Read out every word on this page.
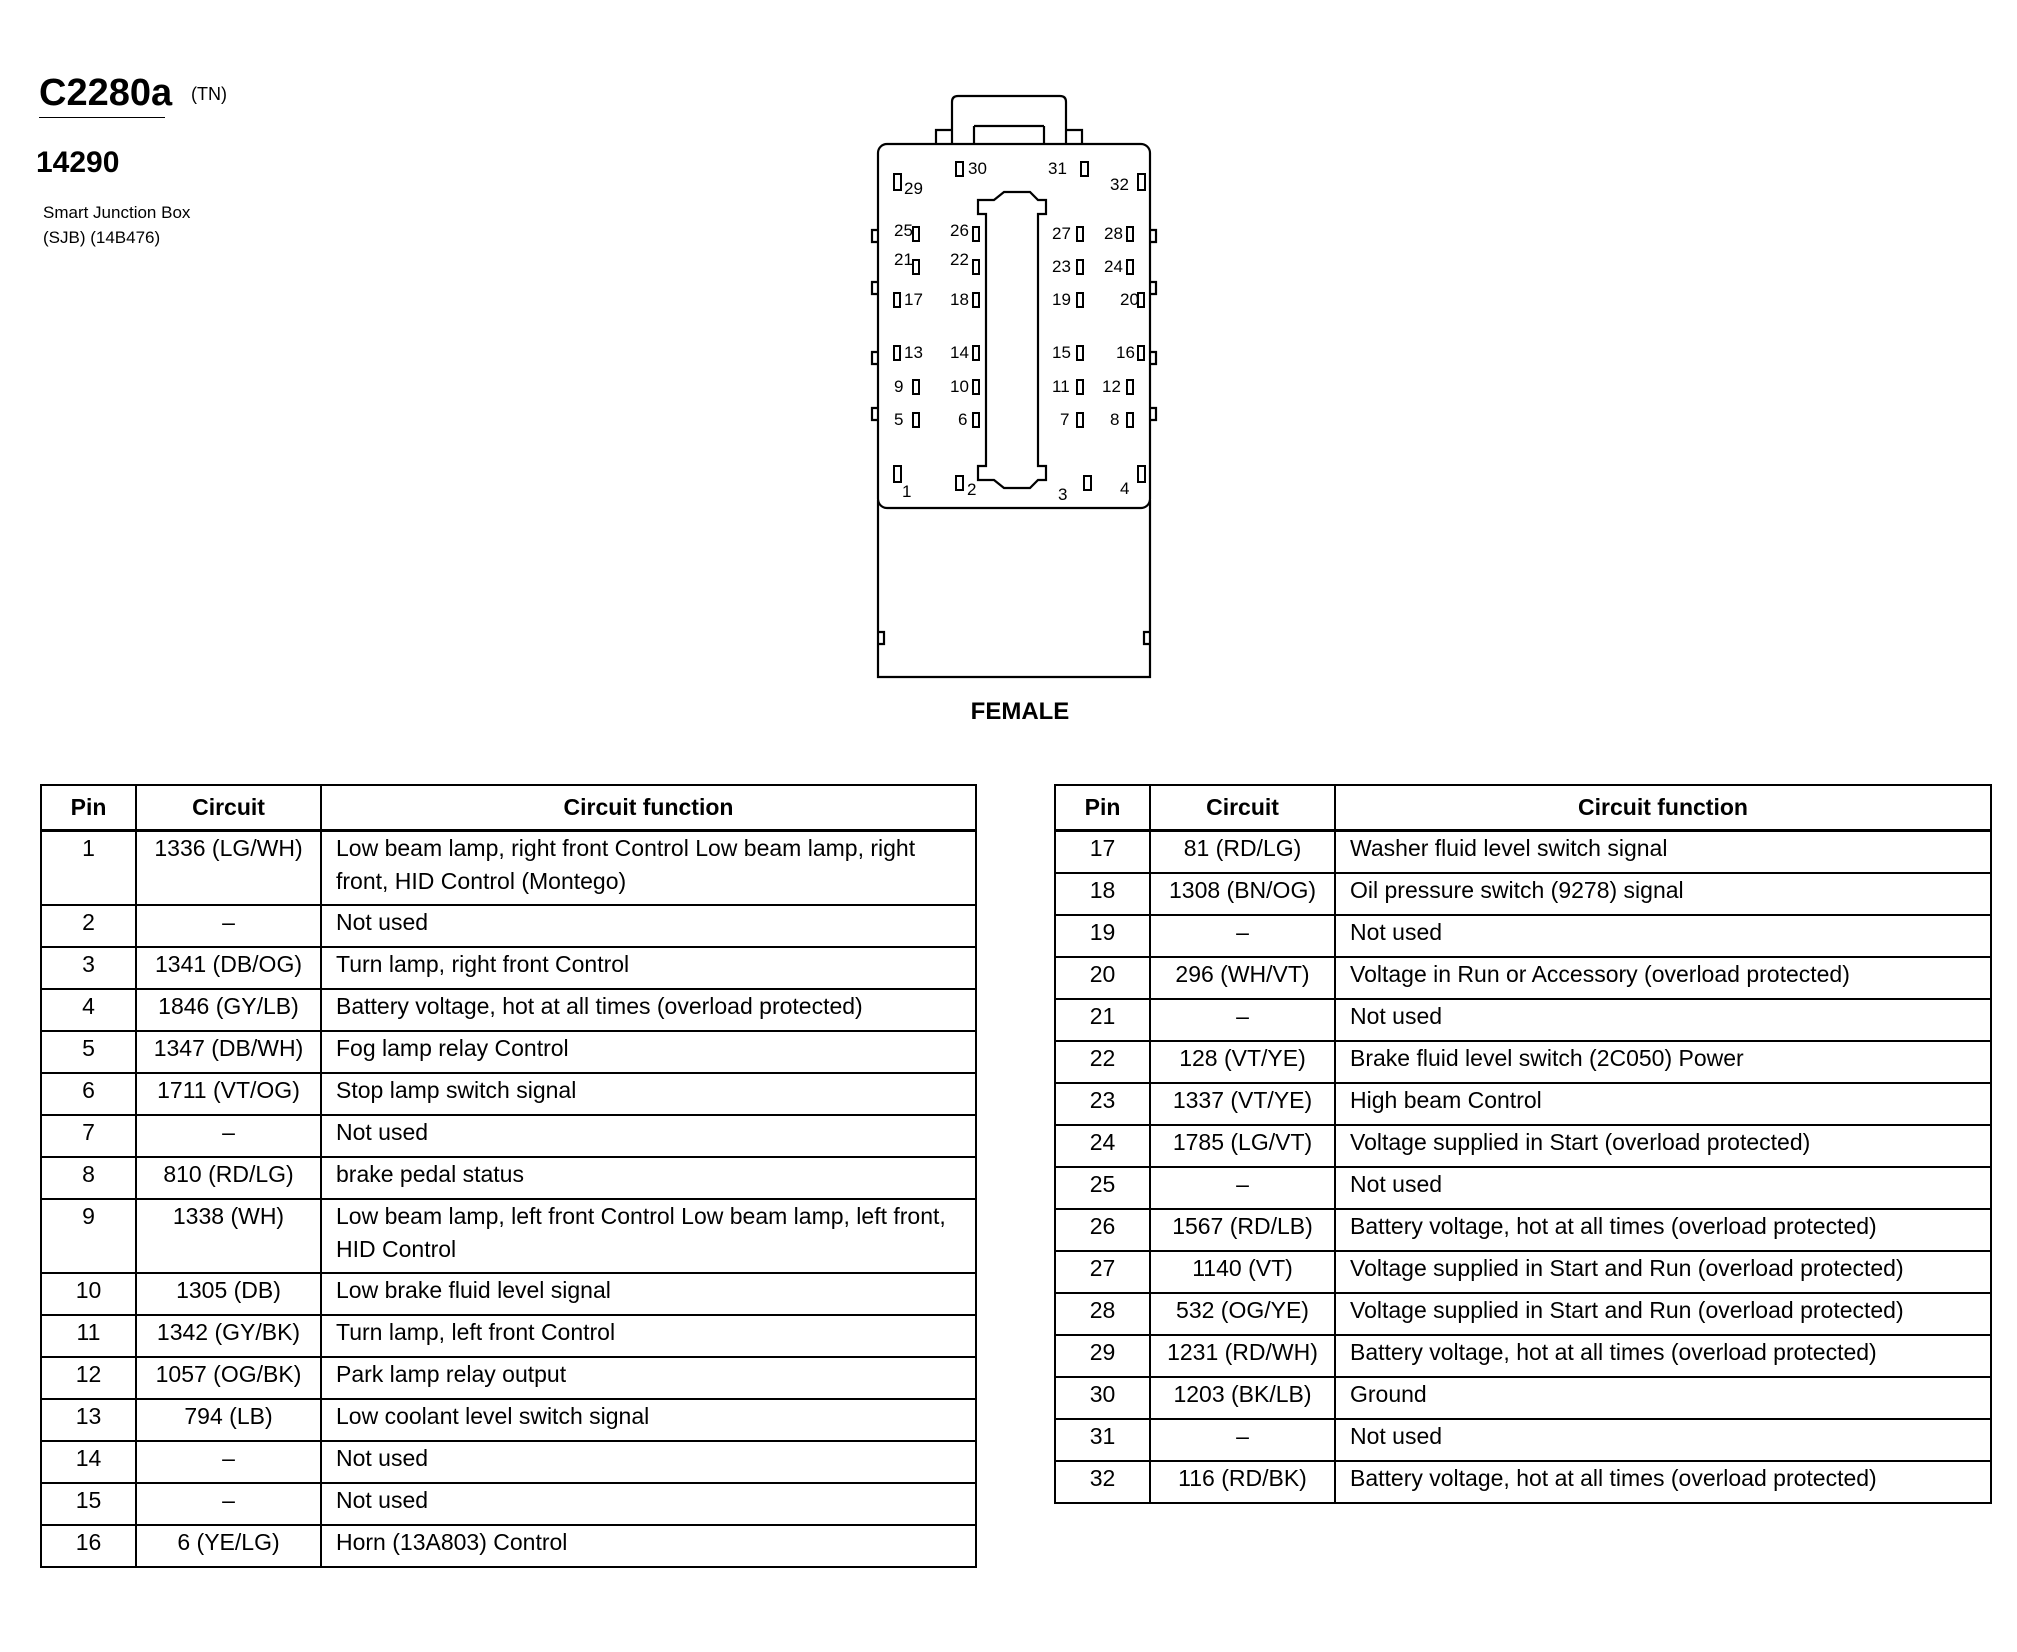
C2280a (TN)
14290
Smart Junction Box
(SJB) (14B476)
1	2	3	4
5	6	7 8
9	10	11 12
13 14	15	16
17 18	19	20
21 22	23 24
25 26	27 28
29
30	31
32
FEMALE
Pin	Circuit	Circuit function
1	1336 (LG/WH)	Low beam lamp, right front Control Low beam lamp, right front, HID Control (Montego)
2	–	Not used
3	1341 (DB/OG)	Turn lamp, right front Control
4	1846 (GY/LB)	Battery voltage, hot at all times (overload protected)
5	1347 (DB/WH)	Fog lamp relay Control
6	1711 (VT/OG)	Stop lamp switch signal
7	–	Not used
8	810 (RD/LG)	brake pedal status
9	1338 (WH)	Low beam lamp, left front Control Low beam lamp, left front, HID Control
10	1305 (DB)	Low brake fluid level signal
11	1342 (GY/BK)	Turn lamp, left front Control
12	1057 (OG/BK)	Park lamp relay output
13	794 (LB)	Low coolant level switch signal
14	–	Not used
15	–	Not used
16	6 (YE/LG)	Horn (13A803) Control
Pin	Circuit	Circuit function
17	81 (RD/LG)	Washer fluid level switch signal
18	1308 (BN/OG)	Oil pressure switch (9278) signal
19	–	Not used
20	296 (WH/VT)	Voltage in Run or Accessory (overload protected)
21	–	Not used
22	128 (VT/YE)	Brake fluid level switch (2C050) Power
23	1337 (VT/YE)	High beam Control
24	1785 (LG/VT)	Voltage supplied in Start (overload protected)
25	–	Not used
26	1567 (RD/LB)	Battery voltage, hot at all times (overload protected)
27	1140 (VT)	Voltage supplied in Start and Run (overload protected)
28	532 (OG/YE)	Voltage supplied in Start and Run (overload protected)
29	1231 (RD/WH)	Battery voltage, hot at all times (overload protected)
30	1203 (BK/LB)	Ground
31	–	Not used
32	116 (RD/BK)	Battery voltage, hot at all times (overload protected)
